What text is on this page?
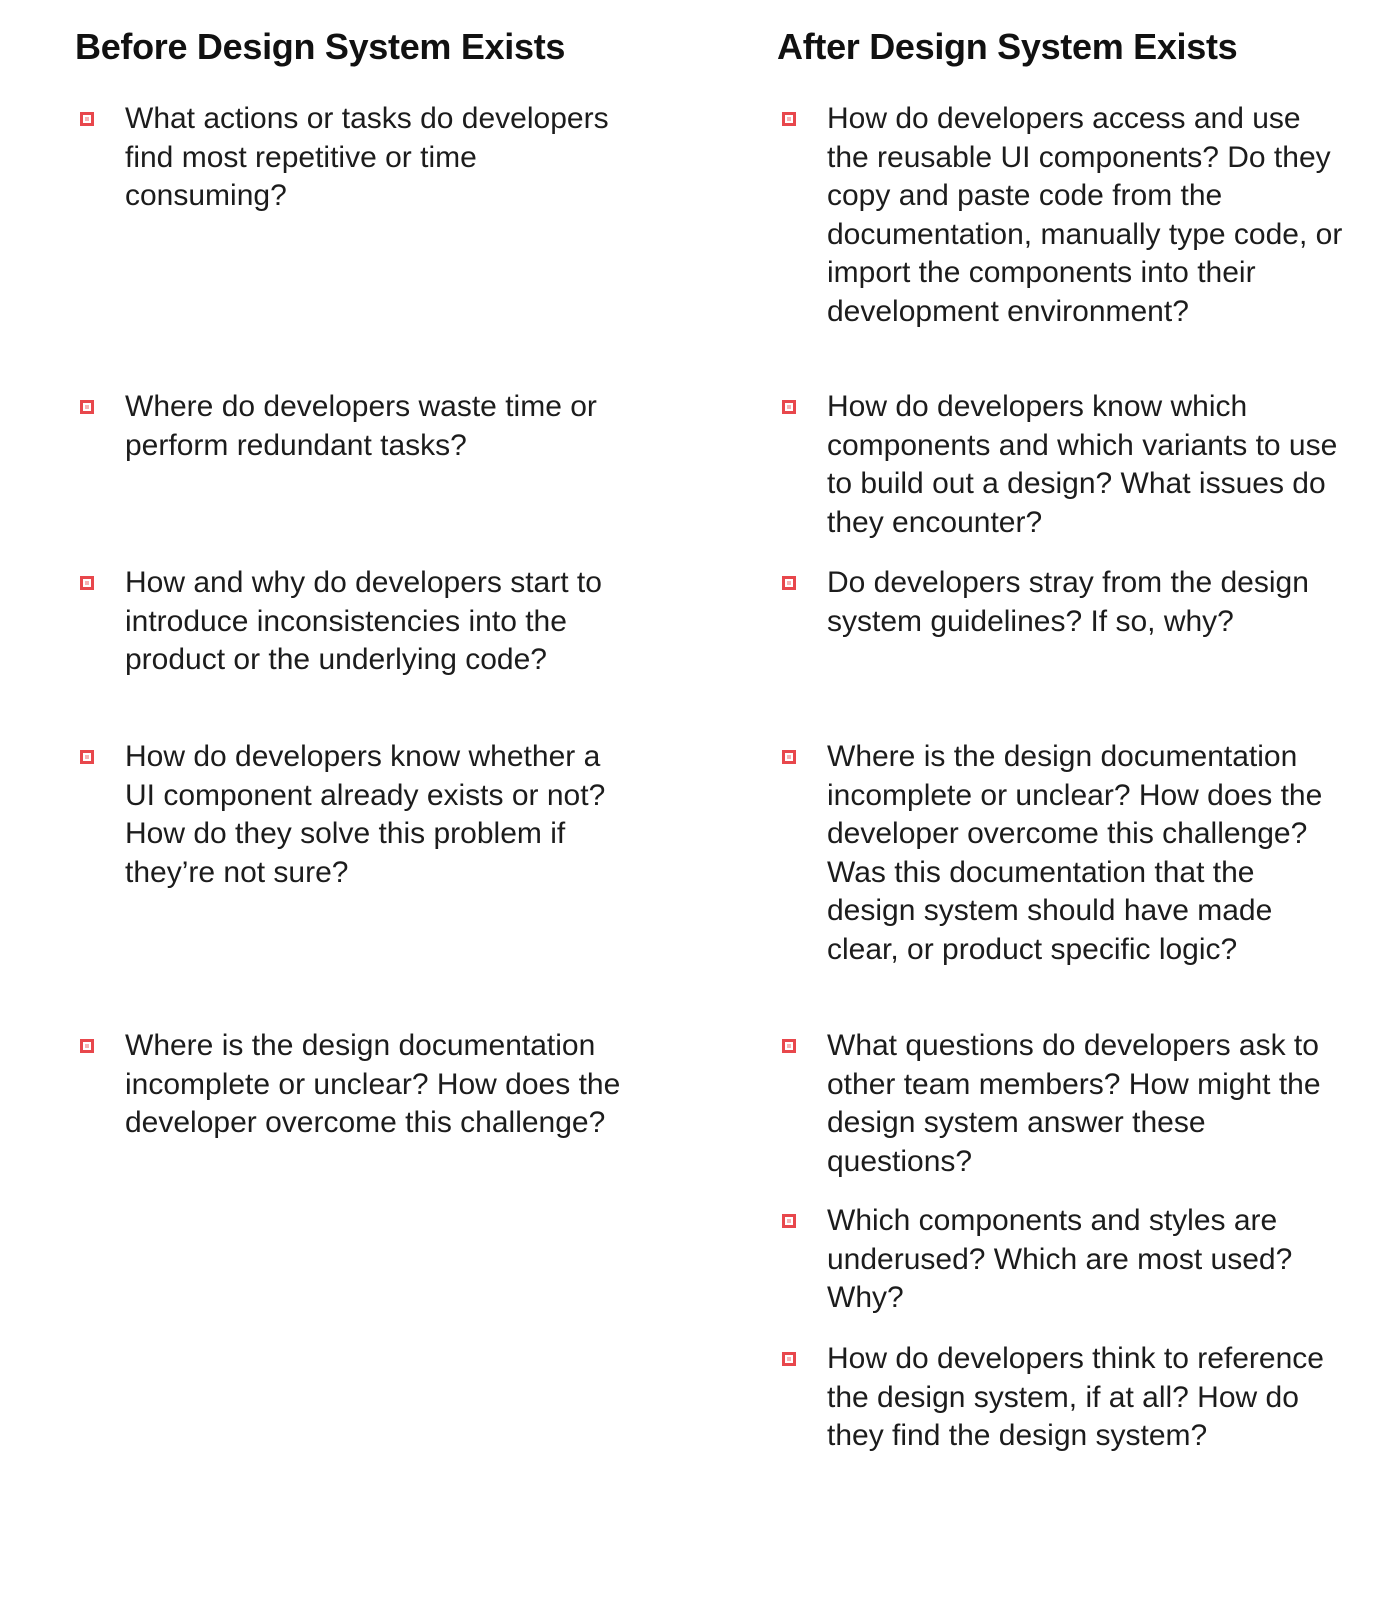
Before Design System Exists

What actions or tasks do developers find most repetitive or time consuming?

Where do developers waste time or perform redundant tasks?

How and why do developers start to introduce inconsistencies into the product or the underlying code?

How do developers know whether a UI component already exists or not? How do they solve this problem if they’re not sure?

Where is the design documentation incomplete or unclear? How does the developer overcome this challenge?

After Design System Exists

How do developers access and use the reusable UI components? Do they copy and paste code from the documentation, manually type code, or import the components into their development environment?

How do developers know which components and which variants to use to build out a design? What issues do they encounter?

Do developers stray from the design system guidelines? If so, why?

Where is the design documentation incomplete or unclear? How does the developer overcome this challenge? Was this documentation that the design system should have made clear, or product specific logic?

What questions do developers ask to other team members? How might the design system answer these questions?

Which components and styles are underused? Which are most used? Why?

How do developers think to reference the design system, if at all? How do they find the design system?
